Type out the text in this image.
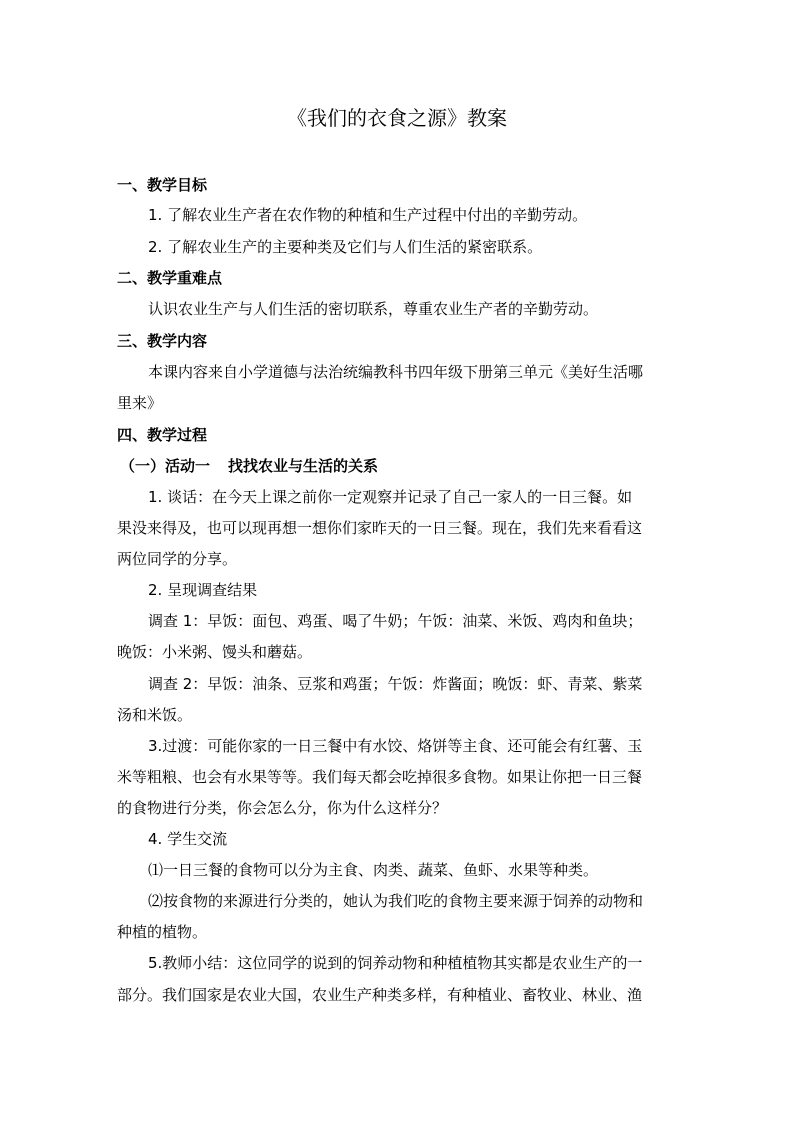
《我们的衣食之源》教案
一、教学目标
1. 了解农业生产者在农作物的种植和生产过程中付出的辛勤劳动。
2. 了解农业生产的主要种类及它们与人们生活的紧密联系。
二、教学重难点
认识农业生产与人们生活的密切联系，尊重农业生产者的辛勤劳动。
三、教学内容
本课内容来自小学道德与法治统编教科书四年级下册第三单元《美好生活哪
里来》
四、教学过程
（一）活动一 找找农业与生活的关系
1. 谈话：在今天上课之前你一定观察并记录了自己一家人的一日三餐。如
果没来得及，也可以现再想一想你们家昨天的一日三餐。现在，我们先来看看这
两位同学的分享。
2. 呈现调查结果
调查 1：早饭：面包、鸡蛋、喝了牛奶；午饭：油菜、米饭、鸡肉和鱼块；
晚饭：小米粥、馒头和蘑菇。
调查 2：早饭：油条、豆浆和鸡蛋；午饭：炸酱面；晚饭：虾、青菜、紫菜
汤和米饭。
3.过渡：可能你家的一日三餐中有水饺、烙饼等主食、还可能会有红薯、玉
米等粗粮、也会有水果等等。我们每天都会吃掉很多食物。如果让你把一日三餐
的食物进行分类，你会怎么分，你为什么这样分？
4. 学生交流
⑴一日三餐的食物可以分为主食、肉类、蔬菜、鱼虾、水果等种类。
⑵按食物的来源进行分类的，她认为我们吃的食物主要来源于饲养的动物和
种植的植物。
5.教师小结：这位同学的说到的饲养动物和种植植物其实都是农业生产的一
部分。我们国家是农业大国，农业生产种类多样，有种植业、畜牧业、林业、渔
